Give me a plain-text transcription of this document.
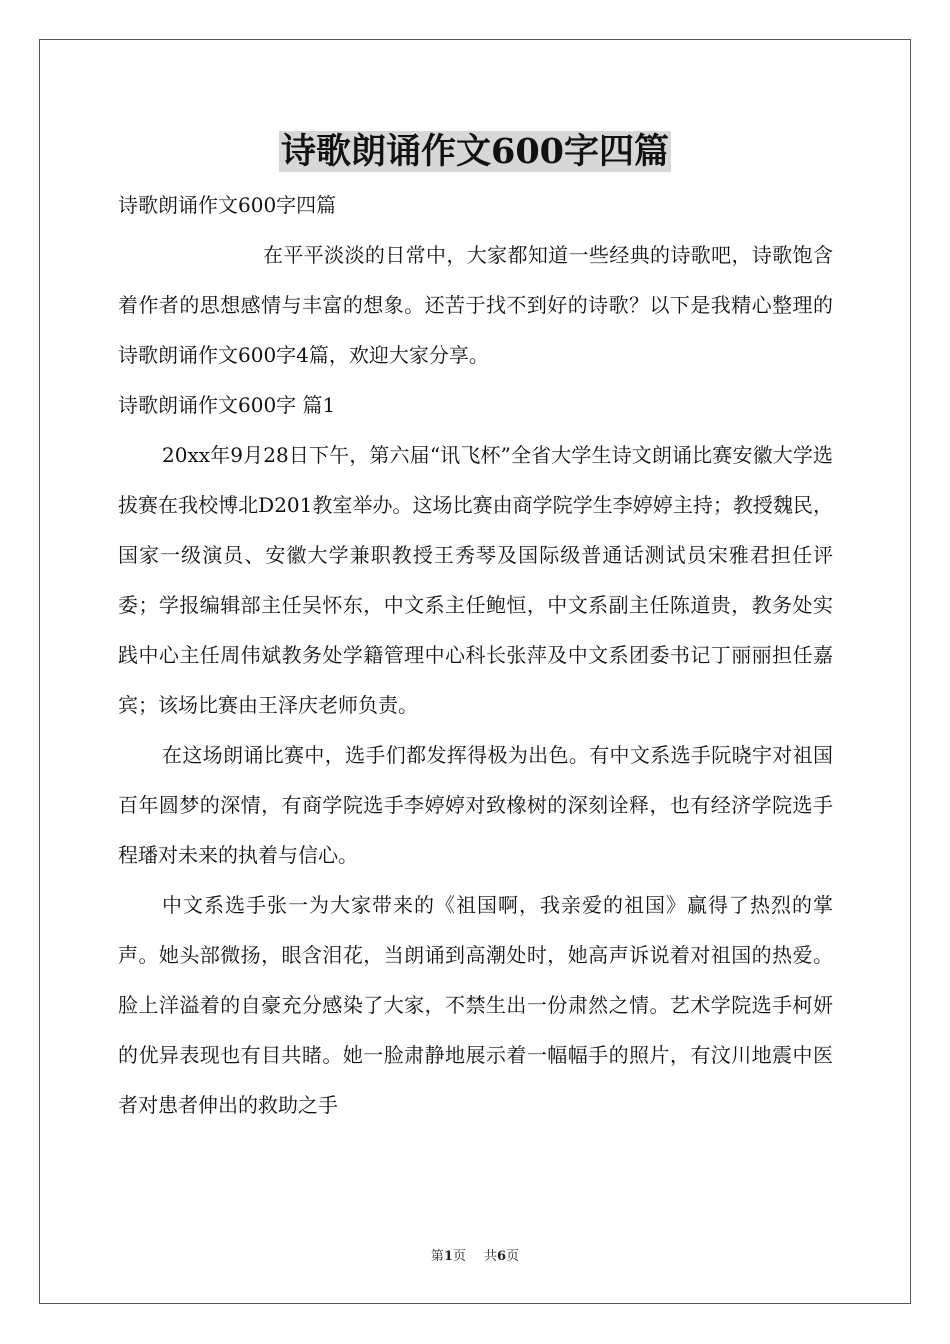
诗歌朗诵作文600字四篇

诗歌朗诵作文600字四篇

在平平淡淡的日常中，大家都知道一些经典的诗歌吧，诗歌饱含着作者的思想感情与丰富的想象。还苦于找不到好的诗歌？以下是我精心整理的诗歌朗诵作文600字4篇，欢迎大家分享。

诗歌朗诵作文600字 篇1

20xx年9月28日下午，第六届“讯飞杯”全省大学生诗文朗诵比赛安徽大学选拔赛在我校博北D201教室举办。这场比赛由商学院学生李婷婷主持；教授魏民，国家一级演员、安徽大学兼职教授王秀琴及国际级普通话测试员宋雅君担任评委；学报编辑部主任吴怀东，中文系主任鲍恒，中文系副主任陈道贵，教务处实践中心主任周伟斌教务处学籍管理中心科长张萍及中文系团委书记丁丽丽担任嘉宾；该场比赛由王泽庆老师负责。

在这场朗诵比赛中，选手们都发挥得极为出色。有中文系选手阮晓宇对祖国百年圆梦的深情，有商学院选手李婷婷对致橡树的深刻诠释，也有经济学院选手程璠对未来的执着与信心。

中文系选手张一为大家带来的《祖国啊，我亲爱的祖国》赢得了热烈的掌声。她头部微扬，眼含泪花，当朗诵到高潮处时，她高声诉说着对祖国的热爱。脸上洋溢着的自豪充分感染了大家，不禁生出一份肃然之情。艺术学院选手柯妍的优异表现也有目共睹。她一脸肃静地展示着一幅幅手的照片，有汶川地震中医者对患者伸出的救助之手

第1页 共6页
